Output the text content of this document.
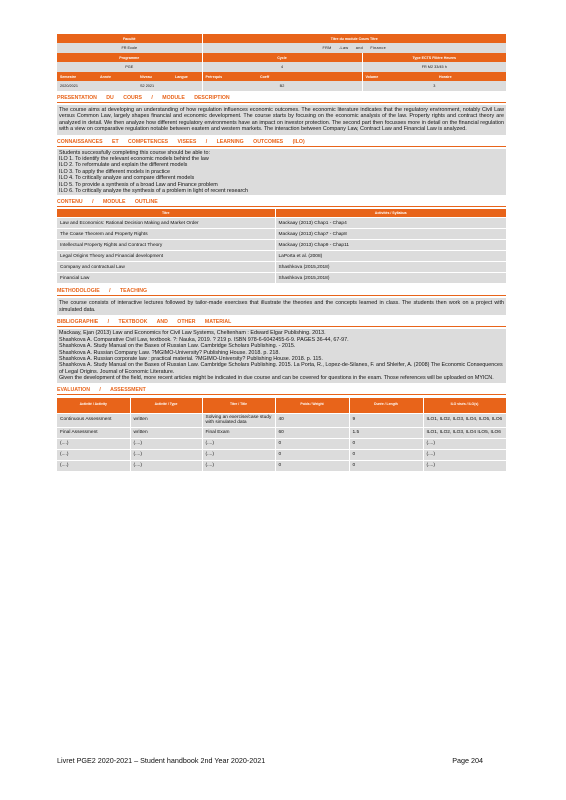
Faculté	Titre du module Cours Titre	
FR Ecole	FRM -Law and Finance	
Programme	Cycle	Type ECTS Filière Heures
PGE	4	FR M2 33/45 h
Semestre	Année	Niveau	Langue	Prérequis	Coeff	Volume	Horaire
2020/2021		S2 2021		B2		3	
PRESENTATION DU COURS / MODULE DESCRIPTION
The course aims at developing an understanding of how regulation influences economic outcomes. The economic literature indicates that the regulatory environment, notably Civil Law versus Common Law, largely shapes financial and economic development. The course starts by focusing on the economic analysis of the law. Property rights and contract theory are analyzed in detail. We then analyze how different regulatory environments have an impact on investor protection. The second part then focusses more in detail on the financial regulation with a view on comparative regulation notable between eastern and western markets. The interaction between Company Law, Contract Law and Financial Law is analyzed.
CONNAISSANCES ET COMPETENCES VISEES / LEARNING OUTCOMES (ILO)
Students successfully completing this course should be able to:
ILO 1. To identify the relevant economic models behind the law
ILO 2. To reformulate and explain the different models
ILO 3. To apply the different models in practice
ILO 4. To critically analyze and compare different models
ILO 5. To provide a synthesis of a broad Law and Finance problem
ILO 6. To critically analyze the synthesis of a problem in light of recent research
CONTENU / MODULE OUTLINE
Titre	Activités / Syllabus
Law and Economics: Rational Decision Making and Market Order	Mackaay (2013) Chap1 - Chap4
The Coase Theorem and Property Rights	Mackaay (2013) Chap7 - Chap8
Intellectual Property Rights and Contract Theory	Mackaay (2013) Chap9 - Chap11
Legal Origins Theory and Financial development	LaPorta et al. (2008)
Company and contractual Law	Shashkova (2015,2018)
Financial Law	Shashkova (2015,2018)
METHODOLOGIE / TEACHING
The course consists of interactive lectures followed by tailor-made exercises that illustrate the theories and the concepts learned in class. The students then work on a project with simulated data.
BIBLIOGRAPHIE / TEXTBOOK AND OTHER MATERIAL
Mackaay, Ejan (2013) Law and Economics for Civil Law Systems, Cheltenham : Edward Elgar Publishing. 2013.
Shashkova A. Comparative Civil Law, textbook. ?: Nauka, 2019. ? 219 p. ISBN 978-6-6042455-6-9. PAGES 36-44, 67-97.
Shashkova A. Study Manual on the Bases of Russian Law. Cambridge Scholars Publishing. - 2015.
Shashkova A. Russian Company Law. ?MGIMO-University? Publishing House. 2018. p. 218.
Shashkova A. Russian corporate law : practical material. ?MGIMO-University? Publishing House. 2018. p. 115.
Shashkova A. Study Manual on the Bases of Russian Law. Cambridge Scholars Publishing. 2015. La Porta, R., Lopez-de-Silanes, F. and Shleifer, A. (2008) The Economic Consequences of Legal Origins. Journal of Economic Literature.
Given the development of the field, more recent articles might be indicated in due course and can be covered for questions in the exam. Those references will be uploaded on MYICN.
EVALUATION / ASSESSMENT
Activité / Activity	Activité / Type	Titre / Title	Poids / Weight	Durée / Length	ILO visés / ILO(s)
Continuous Assessment	written	Solving an exercise/case study with simulated data	40	9	ILO1, ILO2, ILO3, ILO4, ILO5, ILO6
Final Assessment	written	Final Exam	60	1.5	ILO1, ILO2, ILO3, ILO4 ILO5, ILO6
(....)	(....)	(....)	0	0	(....)
(....)	(....)	(....)	0	0	(....)
(....)	(....)	(....)	0	0	(....)
Livret PGE2 2020-2021 – Student handbook 2nd Year 2020-2021	Page 204
